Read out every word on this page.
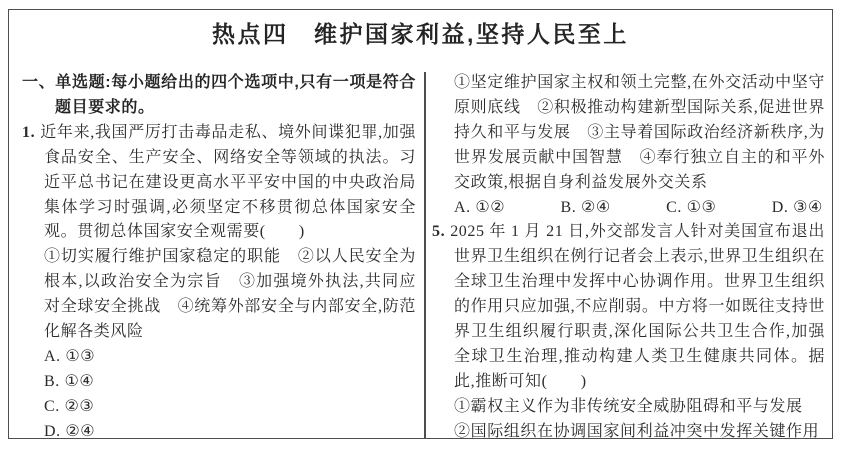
热点四　维护国家利益,坚持人民至上

一、单选题:每小题给出的四个选项中,只有一项是符合题目要求的。

1. 近年来,我国严厉打击毒品走私、境外间谍犯罪,加强食品安全、生产安全、网络安全等领域的执法。习近平总书记在建设更高水平平安中国的中央政治局集体学习时强调,必须坚定不移贯彻总体国家安全观。贯彻总体国家安全观需要(　　)

①切实履行维护国家稳定的职能　②以人民安全为根本,以政治安全为宗旨　③加强境外执法,共同应对全球安全挑战　④统筹外部安全与内部安全,防范化解各类风险

A. ①③

B. ①④

C. ②③

D. ②④

①坚定维护国家主权和领土完整,在外交活动中坚守原则底线　②积极推动构建新型国际关系,促进世界持久和平与发展　③主导着国际政治经济新秩序,为世界发展贡献中国智慧　④奉行独立自主的和平外交政策,根据自身利益发展外交关系

A. ①②	B. ②④	C. ①③	D. ③④

5. 2025 年 1 月 21 日,外交部发言人针对美国宣布退出世界卫生组织在例行记者会上表示,世界卫生组织在全球卫生治理中发挥中心协调作用。世界卫生组织的作用只应加强,不应削弱。中方将一如既往支持世界卫生组织履行职责,深化国际公共卫生合作,加强全球卫生治理,推动构建人类卫生健康共同体。据此,推断可知(　　)

①霸权主义作为非传统安全威胁阻碍和平与发展

②国际组织在协调国家间利益冲突中发挥关键作用
